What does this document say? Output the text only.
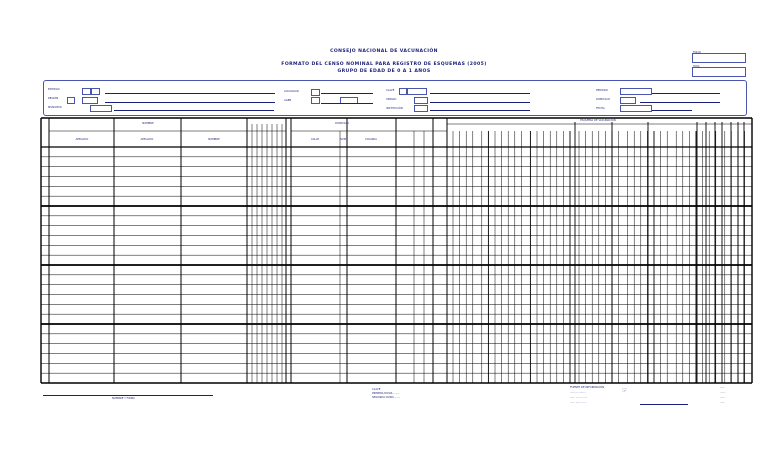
CONSEJO NACIONAL DE VACUNACIÓN
FORMATO DEL CENSO NOMINAL PARA REGISTRO DE ESQUEMAS (2005)
GRUPO DE EDAD DE 0 A 1 AÑOS
ENTIDAD
REGIÓN
MUNICIPIO
LOCALIDAD
AGEB
CLAVE
UNIDAD
INSTITUCIÓN
PERÍODO
DOMICILIO
FECHA
NOMBRE	DOMICILIO
ESQUEMA DE VACUNACIÓN
APELLIDO	APELLIDO	NOMBRE	CALLE	NÚM	COLONIA
NOMBRE Y FIRMA
CLAVE
PRIMERA DOSIS ........
SEGUNDA DOSIS .......
FUENTE DE INFORMACIÓN
......... .........
...... ....... ......
...... ...... ......
☞	......
.......
......
......
